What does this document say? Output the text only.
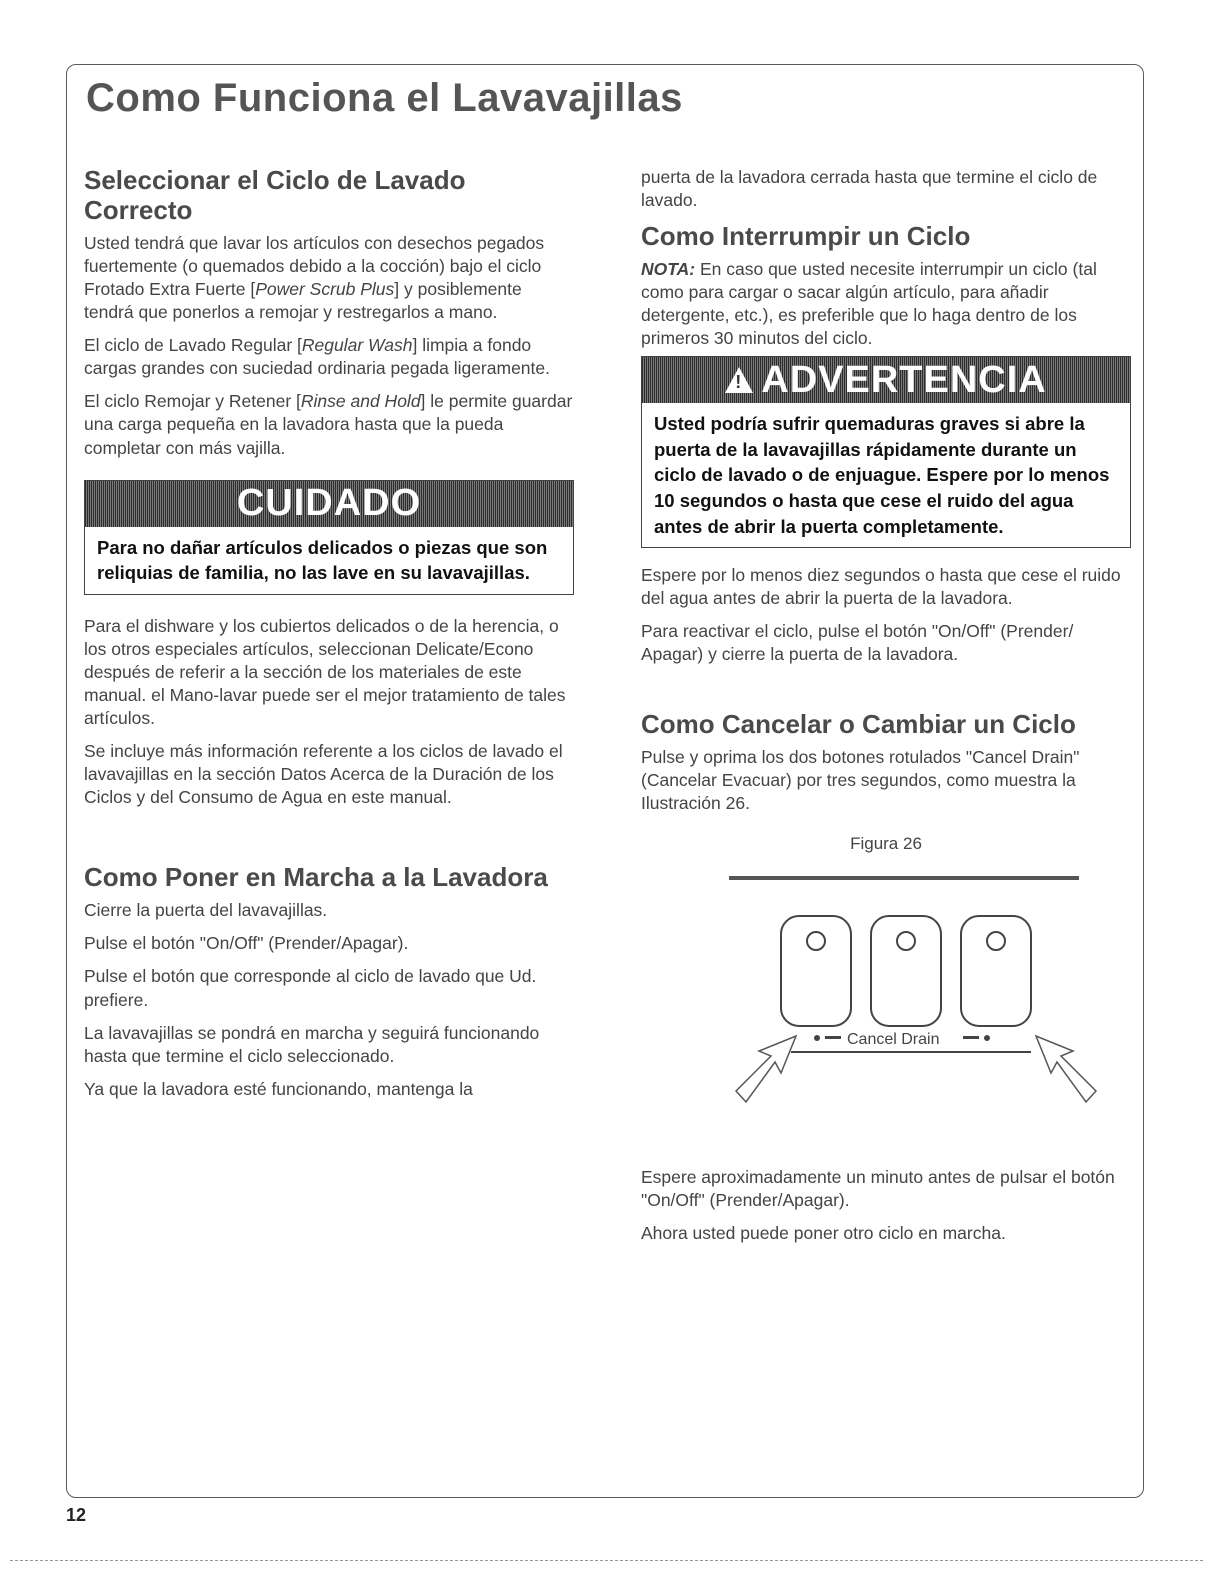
Como Funciona el Lavavajillas
Seleccionar el Ciclo de Lavado Correcto

Usted tendrá que lavar los artículos con desechos pegados fuertemente (o quemados debido a la cocción) bajo el ciclo Frotado Extra Fuerte [Power Scrub Plus] y posiblemente tendrá que ponerlos a remojar y restregarlos a mano.

El ciclo de Lavado Regular [Regular Wash] limpia a fondo cargas grandes con suciedad ordinaria pegada ligeramente.

El ciclo Remojar y Retener [Rinse and Hold] le permite guardar una carga pequeña en la lavadora hasta que la pueda completar con más vajilla.

CUIDADO
Para no dañar artículos delicados o piezas que son reliquias de familia, no las lave en su lavavajillas.

Para el dishware y los cubiertos delicados o de la herencia, o los otros especiales artículos, seleccionan Delicate/Econo después de referir a la sección de los materiales de este manual. el Mano-lavar puede ser el mejor tratamiento de tales artículos.

Se incluye más información referente a los ciclos de lavado el lavavajillas en la sección Datos Acerca de la Duración de los Ciclos y del Consumo de Agua en este manual.

Como Poner en Marcha a la Lavadora

Cierre la puerta del lavavajillas.

Pulse el botón "On/Off" (Prender/Apagar).

Pulse el botón que corresponde al ciclo de lavado que Ud. prefiere.

La lavavajillas se pondrá en marcha y seguirá funcionando hasta que termine el ciclo seleccionado.

Ya que la lavadora esté funcionando, mantenga la

puerta de la lavadora cerrada hasta que termine el ciclo de lavado.

Como Interrumpir un Ciclo

NOTA: En caso que usted necesite interrumpir un ciclo (tal como para cargar o sacar algún artículo, para añadir detergente, etc.), es preferible que lo haga dentro de los primeros 30 minutos del ciclo.

!
ADVERTENCIA
Usted podría sufrir quemaduras graves si abre la puerta de la lavavajillas rápidamente durante un ciclo de lavado o de enjuague. Espere por lo menos 10 segundos o hasta que cese el ruido del agua antes de abrir la puerta completamente.

Espere por lo menos diez segundos o hasta que cese el ruido del agua antes de abrir la puerta de la lavadora.

Para reactivar el ciclo, pulse el botón "On/Off" (Prender/ Apagar) y cierre la puerta de la lavadora.

Como Cancelar o Cambiar un Ciclo

Pulse y oprima los dos botones rotulados "Cancel Drain" (Cancelar Evacuar) por tres segundos, como muestra la Ilustración 26.

Figura 26
Cancel Drain

Espere aproximadamente un minuto antes de pulsar el botón "On/Off" (Prender/Apagar).

Ahora usted puede poner otro ciclo en marcha.

12
